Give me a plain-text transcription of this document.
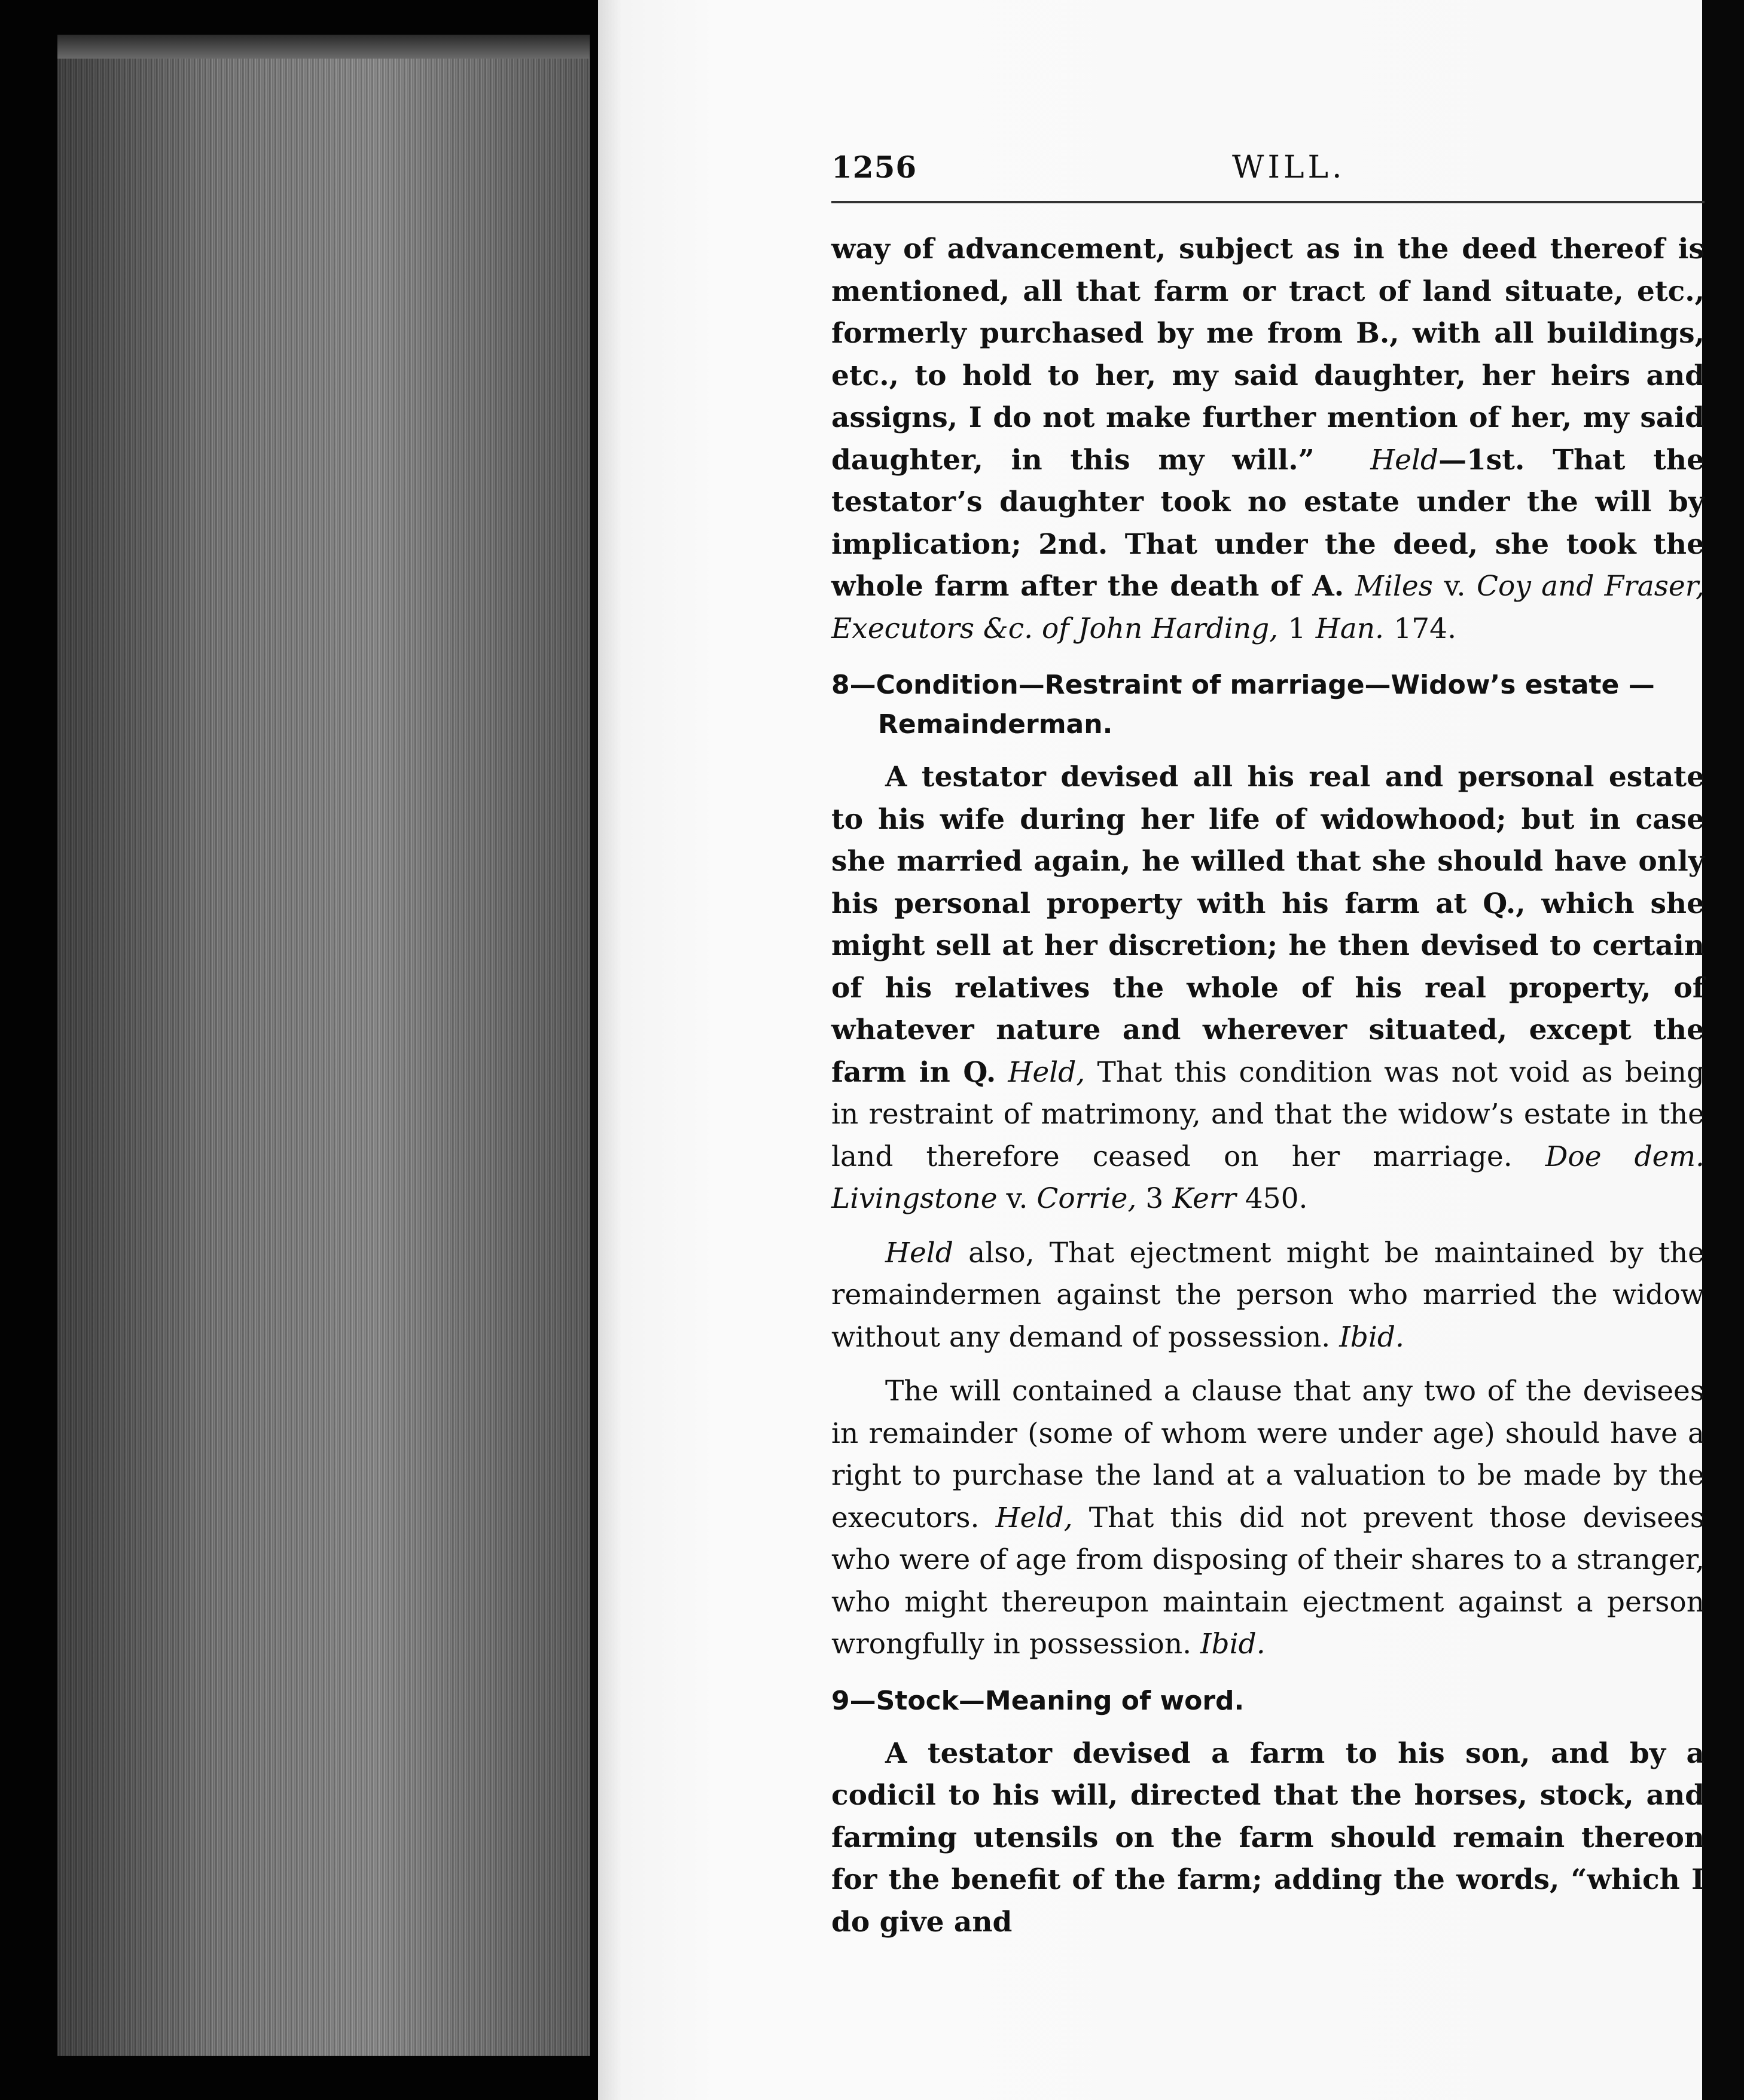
1256	WILL.

way of advancement, subject as in the deed thereof is mentioned, all that farm or tract of land situate, etc., formerly purchased by me from B., with all buildings, etc., to hold to her, my said daughter, her heirs and assigns, I do not make further mention of her, my said daughter, in this my will.” Held—1st. That the testator’s daughter took no estate under the will by implication; 2nd. That under the deed, she took the whole farm after the death of A. Miles v. Coy and Fraser, Executors &c. of John Harding, 1 Han. 174.

8—Condition—Restraint of marriage—Widow’s estate —Remainderman.

A testator devised all his real and personal estate to his wife during her life of widowhood; but in case she married again, he willed that she should have only his personal property with his farm at Q., which she might sell at her discretion; he then devised to certain of his relatives the whole of his real property, of whatever nature and wherever situated, except the farm in Q. Held, That this condition was not void as being in restraint of matrimony, and that the widow’s estate in the land therefore ceased on her marriage. Doe dem. Livingstone v. Corrie, 3 Kerr 450.

Held also, That ejectment might be maintained by the remaindermen against the person who married the widow without any demand of possession. Ibid.

The will contained a clause that any two of the devisees in remainder (some of whom were under age) should have a right to purchase the land at a valuation to be made by the executors. Held, That this did not prevent those devisees who were of age from disposing of their shares to a stranger, who might thereupon maintain ejectment against a person wrongfully in possession. Ibid.

9—Stock—Meaning of word.

A testator devised a farm to his son, and by a codicil to his will, directed that the horses, stock, and farming utensils on the farm should remain thereon for the benefit of the farm; adding the words, “which I do give and
